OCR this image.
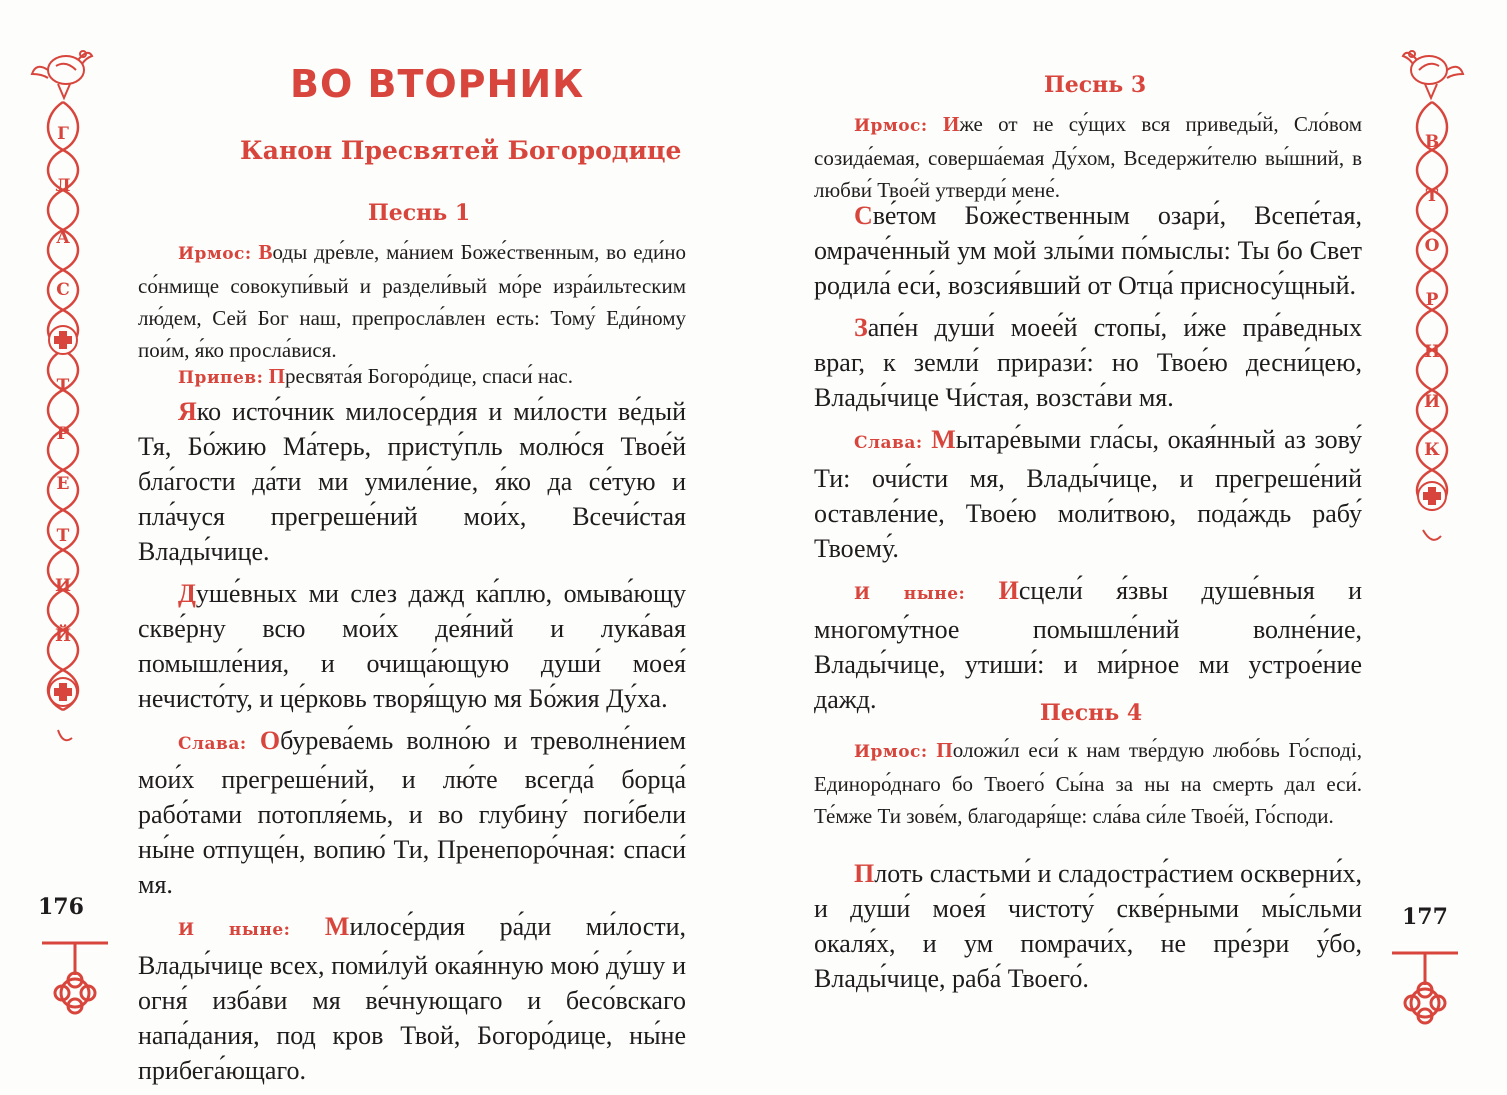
Г
Л
А
С
Т
Р
Е
Т
И
Й
176
ВО ВТОРНИК
Канон Пресвятей Богородице
Песнь 1

Ирмос: Воды дре́вле, ма́нием Боже́ственным, во еди́но со́нмище совокупи́вый и раздели́вый мо́ре изра́ильтеским лю́дем, Сей Бог наш, препросла́влен есть: Тому́ Еди́ному пои́м, я́ко просла́вися.

Припев: Пресвята́я Богоро́дице, спаси́ нас.

Яко исто́чник милосе́рдия и ми́лости ве́дый Тя, Бо́жию Ма́терь, присту́пль молю́ся Твое́й бла́гости да́ти ми умиле́ние, я́ко да се́тую и пла́чуся прегреше́ний мои́х, Всечи́стая Влады́чице.

Душе́вных ми слез дажд ка́плю, омыва́ющу скве́рну всю мои́х дея́ний и лука́вая помышле́ния, и очища́ющую души́ моея́ нечисто́ту, и це́рковь творя́щую мя Бо́жия Ду́ха.

Слава: Обурева́емь волно́ю и треволне́нием мои́х прегреше́ний, и лю́те всегда́ борца́ рабо́тами потопля́емь, и во глубину́ поги́бели ны́не отпуще́н, вопию́ Ти, Пренепоро́чная: спаси́ мя.

И ныне: Милосе́рдия ра́ди ми́лости, Влады́чице всех, поми́луй окая́нную мою́ ду́шу и огня́ изба́ви мя ве́чнующаго и бесо́вскаго напа́дания, под кров Твой, Богоро́дице, ны́не прибега́ющаго.

Песнь 3

Ирмос: Иже от не су́щих вся приведы́й, Сло́вом созида́емая, соверша́емая Ду́хом, Вседержи́телю вы́шний, в любви́ Твое́й утверди́ мене́.

Све́том Боже́ственным озари́, Всепе́тая, омраче́нный ум мой злы́ми по́мыслы: Ты бо Свет родила́ еси́, возсия́вший от Отца́ присносу́щный.

Запе́н души́ моее́й стопы́, и́же пра́ведных враг, к земли́ прирази́: но Твое́ю десни́цею, Влады́чице Чи́стая, возста́ви мя.

Слава: Мытаре́выми гла́сы, окая́нный аз зову́ Ти: очи́сти мя, Влады́чице, и прегреше́ний оставле́ние, Твое́ю моли́твою, пода́ждь рабу́ Твоему́.

И ныне: Исцели́ я́звы душе́вныя и многому́тное помышле́ний волне́ние, Влады́чице, утиши́: и ми́рное ми устрое́ние дажд.	Песнь 4

Ирмос: Положи́л еси́ к нам тве́рдую любо́вь Го́сподi, Единоро́днаго бо Твоего́ Сы́на за ны на смерть дал еси́. Те́мже Ти зове́м, благодаря́ще: сла́ва си́ле Твое́й, Го́споди.

Плоть сластьми́ и сладостра́стием оскверни́х, и души́ моея́ чистоту́ скве́рными мы́сльми окаля́х, и ум помрачи́х, не пре́зри у́бо, Влады́чице, раба́ Твоего́.

В
Т
О
Р
Н
И
К
177
